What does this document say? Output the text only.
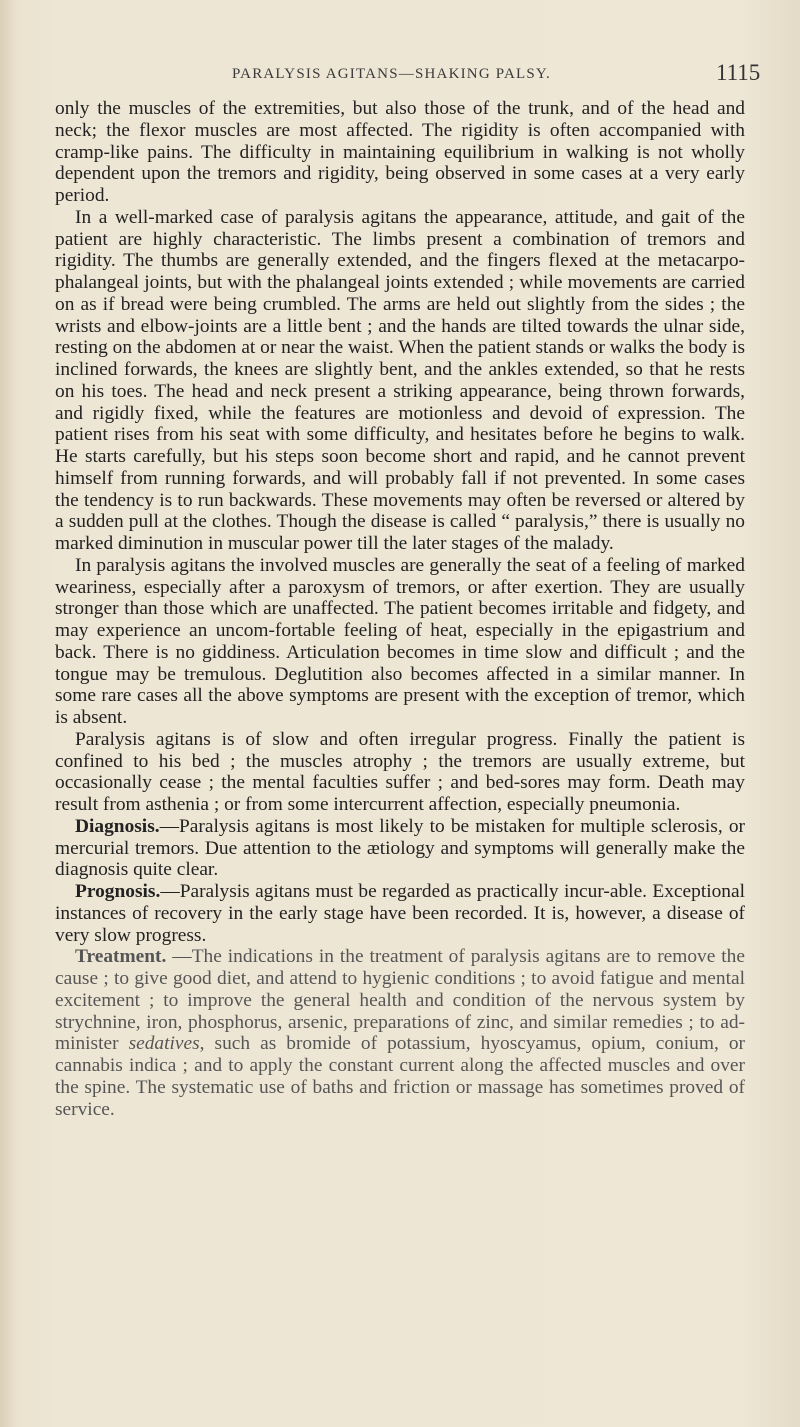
PARALYSIS AGITANS—SHAKING PALSY.	1115

only the muscles of the extremities, but also those of the trunk, and of the head and neck; the flexor muscles are most affected. The rigidity is often accompanied with cramp-like pains. The difficulty in maintaining equilibrium in walking is not wholly dependent upon the tremors and rigidity, being observed in some cases at a very early period.

In a well-marked case of paralysis agitans the appearance, attitude, and gait of the patient are highly characteristic. The limbs present a combination of tremors and rigidity. The thumbs are generally extended, and the fingers flexed at the metacarpo-phalangeal joints, but with the phalangeal joints extended ; while movements are carried on as if bread were being crumbled. The arms are held out slightly from the sides ; the wrists and elbow-joints are a little bent ; and the hands are tilted towards the ulnar side, resting on the abdomen at or near the waist. When the patient stands or walks the body is inclined forwards, the knees are slightly bent, and the ankles extended, so that he rests on his toes. The head and neck present a striking appearance, being thrown forwards, and rigidly fixed, while the features are motionless and devoid of expression. The patient rises from his seat with some difficulty, and hesitates before he begins to walk. He starts carefully, but his steps soon become short and rapid, and he cannot prevent himself from running forwards, and will probably fall if not prevented. In some cases the tendency is to run backwards. These movements may often be reversed or altered by a sudden pull at the clothes. Though the disease is called “ paralysis,” there is usually no marked diminution in muscular power till the later stages of the malady.

In paralysis agitans the involved muscles are generally the seat of a feeling of marked weariness, especially after a paroxysm of tremors, or after exertion. They are usually stronger than those which are unaffected. The patient becomes irritable and fidgety, and may experience an uncom-fortable feeling of heat, especially in the epigastrium and back. There is no giddiness. Articulation becomes in time slow and difficult ; and the tongue may be tremulous. Deglutition also becomes affected in a similar manner. In some rare cases all the above symptoms are present with the exception of tremor, which is absent.

Paralysis agitans is of slow and often irregular progress. Finally the patient is confined to his bed ; the muscles atrophy ; the tremors are usually extreme, but occasionally cease ; the mental faculties suffer ; and bed-sores may form. Death may result from asthenia ; or from some intercurrent affection, especially pneumonia.

Diagnosis.—Paralysis agitans is most likely to be mistaken for multiple sclerosis, or mercurial tremors. Due attention to the ætiology and symptoms will generally make the diagnosis quite clear.

Prognosis.—Paralysis agitans must be regarded as practically incur-able. Exceptional instances of recovery in the early stage have been recorded. It is, however, a disease of very slow progress.

Treatment. —The indications in the treatment of paralysis agitans are to remove the cause ; to give good diet, and attend to hygienic conditions ; to avoid fatigue and mental excitement ; to improve the general health and condition of the nervous system by strychnine, iron, phosphorus, arsenic, preparations of zinc, and similar remedies ; to ad-minister sedatives, such as bromide of potassium, hyoscyamus, opium, conium, or cannabis indica ; and to apply the constant current along the affected muscles and over the spine. The systematic use of baths and friction or massage has sometimes proved of service.
